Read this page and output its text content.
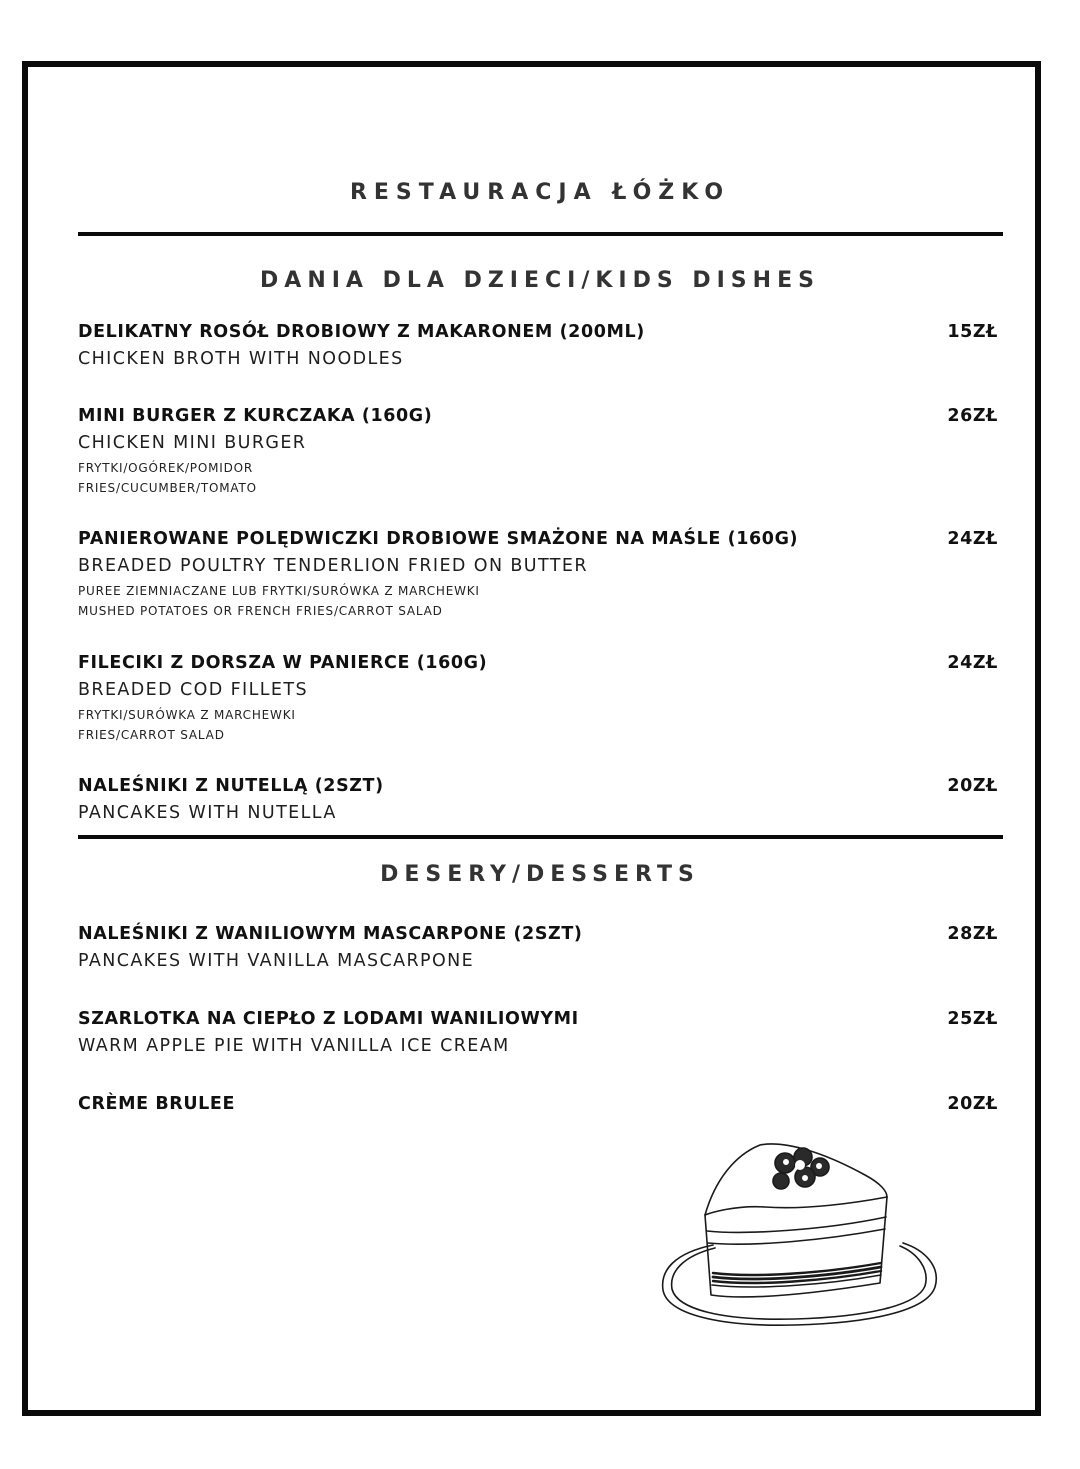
RESTAURACJA ŁÓŻKO
DANIA DLA DZIECI/KIDS DISHES
DELIKATNY ROSÓŁ DROBIOWY Z MAKARONEM (200ML)
CHICKEN BROTH WITH NOODLES
15ZŁ
MINI BURGER Z KURCZAKA (160G)
CHICKEN MINI BURGER
FRYTKI/OGÓREK/POMIDOR
FRIES/CUCUMBER/TOMATO
26ZŁ
PANIEROWANE POLĘDWICZKI DROBIOWE SMAŻONE NA MAŚLE (160G)
BREADED POULTRY TENDERLION FRIED ON BUTTER
PUREE ZIEMNIACZANE LUB FRYTKI/SURÓWKA Z MARCHEWKI
MUSHED POTATOES OR FRENCH FRIES/CARROT SALAD
24ZŁ
FILECIKI Z DORSZA W PANIERCE (160G)
BREADED COD FILLETS
FRYTKI/SURÓWKA Z MARCHEWKI
FRIES/CARROT SALAD
24ZŁ
NALEŚNIKI Z NUTELLĄ (2SZT)
PANCAKES WITH NUTELLA
20ZŁ
DESERY/DESSERTS
NALEŚNIKI Z WANILIOWYM MASCARPONE (2SZT)
PANCAKES WITH VANILLA MASCARPONE
28ZŁ
SZARLOTKA NA CIEPŁO Z LODAMI WANILIOWYMI
WARM APPLE PIE WITH VANILLA ICE CREAM
25ZŁ
CRÈME BRULEE	20ZŁ
